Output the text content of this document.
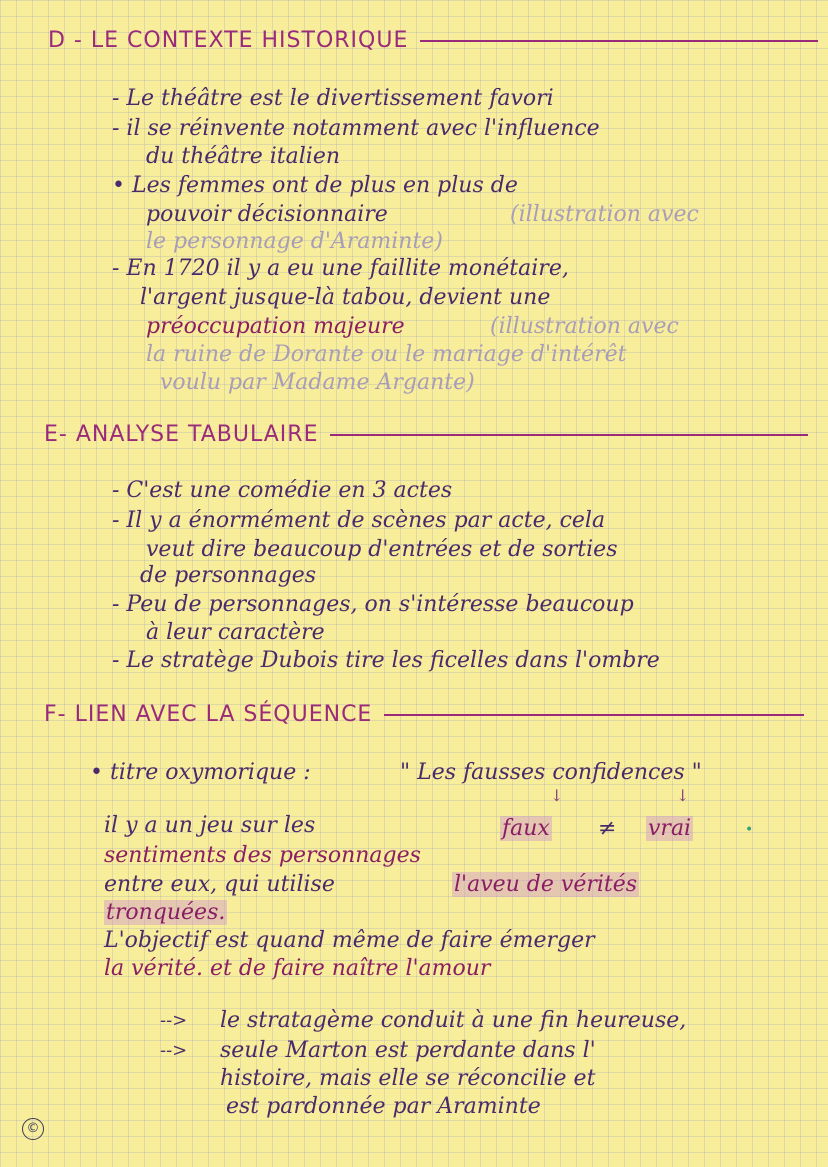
D - LE CONTEXTE HISTORIQUE
- Le théâtre est le divertissement favori
- il se réinvente notamment avec l'influence
du théâtre italien
• Les femmes ont de plus en plus de
pouvoir décisionnaire	(illustration avec
le personnage d'Araminte)
- En 1720 il y a eu une faillite monétaire,
l'argent jusque-là tabou, devient une
préoccupation majeure	(illustration avec
la ruine de Dorante ou le mariage d'intérêt
voulu par Madame Argante)
E- ANALYSE TABULAIRE
- C'est une comédie en 3 actes
- Il y a énormément de scènes par acte, cela
veut dire beaucoup d'entrées et de sorties
de personnages
- Peu de personnages, on s'intéresse beaucoup
à leur caractère
- Le stratège Dubois tire les ficelles dans l'ombre
F- LIEN AVEC LA SÉQUENCE
• titre oxymorique :	" Les fausses confidences "
↓	↓
il y a un jeu sur les	faux ≠ vrai	•
sentiments des personnages
entre eux, qui utilise	l'aveu de vérités
tronquées.
L'objectif est quand même de faire émerger
la vérité. et de faire naître l'amour
--> le stratagème conduit à une fin heureuse,
--> seule Marton est perdante dans l'
histoire, mais elle se réconcilie et
est pardonnée par Araminte
©
